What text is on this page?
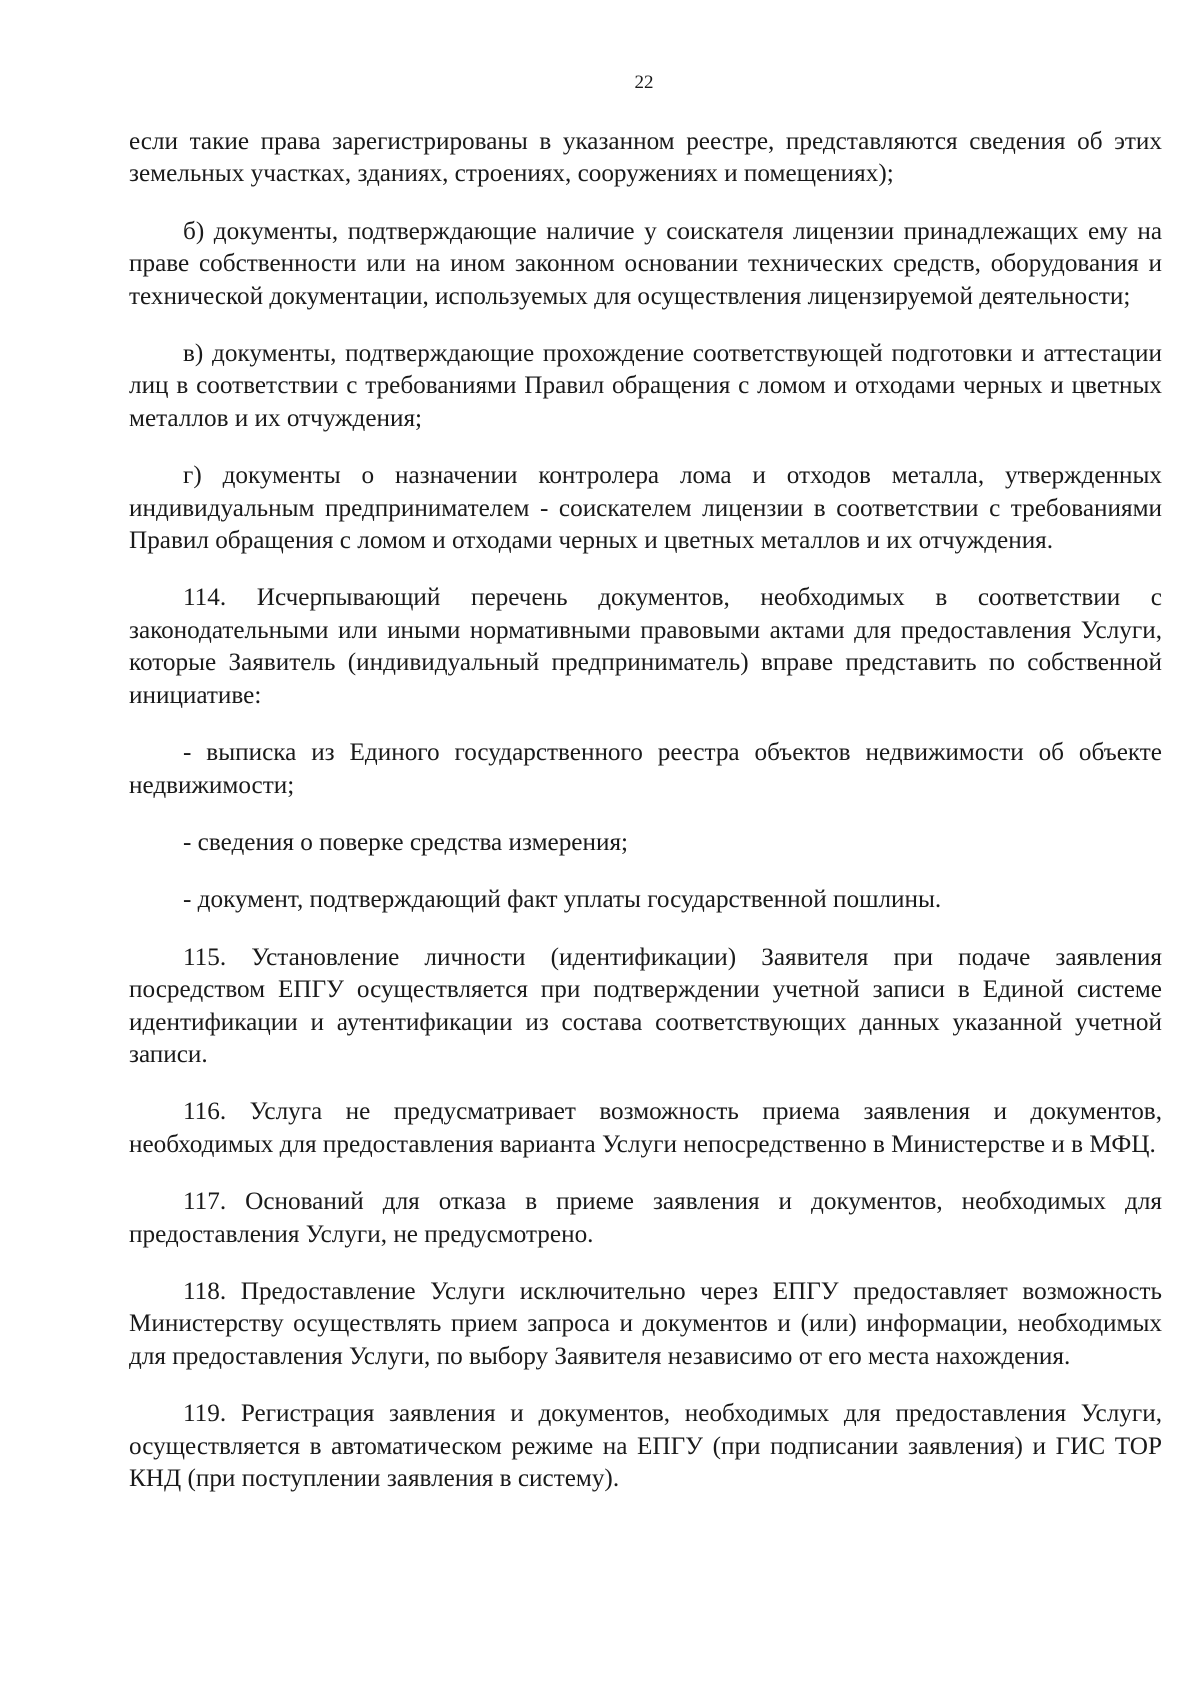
22

если такие права зарегистрированы в указанном реестре, представляются сведения об этих земельных участках, зданиях, строениях, сооружениях и помещениях);

б) документы, подтверждающие наличие у соискателя лицензии принадлежащих ему на праве собственности или на ином законном основании технических средств, оборудования и технической документации, используемых для осуществления лицензируемой деятельности;

в) документы, подтверждающие прохождение соответствующей подготовки и аттестации лиц в соответствии с требованиями Правил обращения с ломом и отходами черных и цветных металлов и их отчуждения;

г) документы о назначении контролера лома и отходов металла, утвержденных индивидуальным предпринимателем - соискателем лицензии в соответствии с требованиями Правил обращения с ломом и отходами черных и цветных металлов и их отчуждения.

114. Исчерпывающий перечень документов, необходимых в соответствии с законодательными или иными нормативными правовыми актами для предоставления Услуги, которые Заявитель (индивидуальный предприниматель) вправе представить по собственной инициативе:

- выписка из Единого государственного реестра объектов недвижимости об объекте недвижимости;

- сведения о поверке средства измерения;

- документ, подтверждающий факт уплаты государственной пошлины.

115. Установление личности (идентификации) Заявителя при подаче заявления посредством ЕПГУ осуществляется при подтверждении учетной записи в Единой системе идентификации и аутентификации из состава соответствующих данных указанной учетной записи.

116. Услуга не предусматривает возможность приема заявления и документов, необходимых для предоставления варианта Услуги непосредственно в Министерстве и в МФЦ.

117. Оснований для отказа в приеме заявления и документов, необходимых для предоставления Услуги, не предусмотрено.

118. Предоставление Услуги исключительно через ЕПГУ предоставляет возможность Министерству осуществлять прием запроса и документов и (или) информации, необходимых для предоставления Услуги, по выбору Заявителя независимо от его места нахождения.

119. Регистрация заявления и документов, необходимых для предоставления Услуги, осуществляется в автоматическом режиме на ЕПГУ (при подписании заявления) и ГИС ТОР КНД (при поступлении заявления в систему).
